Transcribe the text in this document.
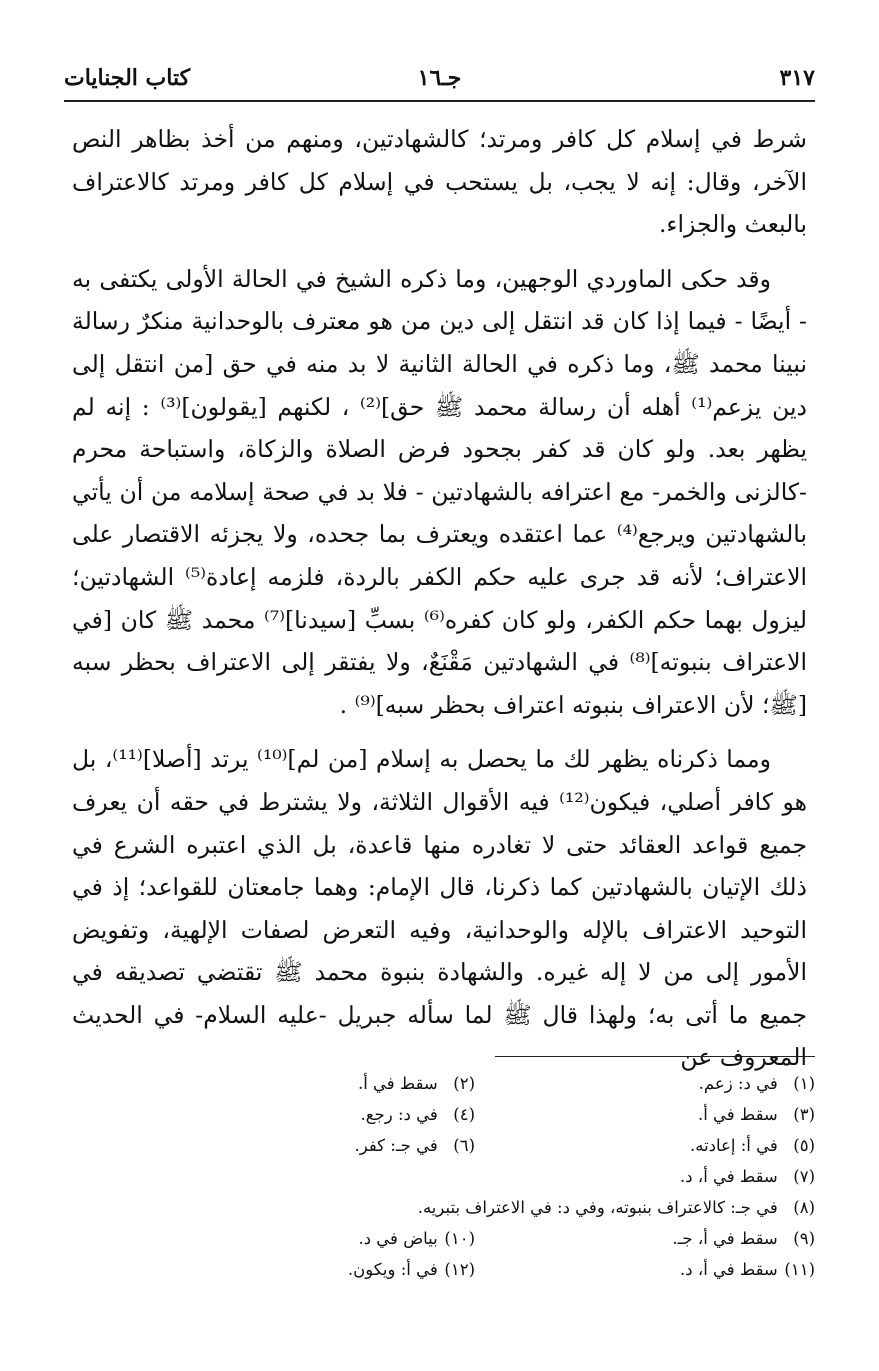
٣١٧
جـ١٦
كتاب الجنايات

شرط في إسلام كل كافر ومرتد؛ كالشهادتين، ومنهم من أخذ بظاهر النص الآخر، وقال: إنه لا يجب، بل يستحب في إسلام كل كافر ومرتد كالاعتراف بالبعث والجزاء.

وقد حكى الماوردي الوجهين، وما ذكره الشيخ في الحالة الأولى يكتفى به - أيضًا - فيما إذا كان قد انتقل إلى دين من هو معترف بالوحدانية منكرٌ رسالة نبينا محمد ﷺ، وما ذكره في الحالة الثانية لا بد منه في حق [من انتقل إلى دين يزعم⁽¹⁾ أهله أن رسالة محمد ﷺ حق]⁽²⁾ ، لكنهم [يقولون]⁽³⁾ : إنه لم يظهر بعد. ولو كان قد كفر بجحود فرض الصلاة والزكاة، واستباحة محرم -كالزنى والخمر- مع اعترافه بالشهادتين - فلا بد في صحة إسلامه من أن يأتي بالشهادتين ويرجع⁽⁴⁾ عما اعتقده ويعترف بما جحده، ولا يجزئه الاقتصار على الاعتراف؛ لأنه قد جرى عليه حكم الكفر بالردة، فلزمه إعادة⁽⁵⁾ الشهادتين؛ ليزول بهما حكم الكفر، ولو كان كفره⁽⁶⁾ بسبِّ [سيدنا]⁽⁷⁾ محمد ﷺ كان [في الاعتراف بنبوته]⁽⁸⁾ في الشهادتين مَقْنَعٌ، ولا يفتقر إلى الاعتراف بحظر سبه [ﷺ؛ لأن الاعتراف بنبوته اعتراف بحظر سبه]⁽⁹⁾ .

ومما ذكرناه يظهر لك ما يحصل به إسلام [من لم]⁽¹⁰⁾ يرتد [أصلا]⁽¹¹⁾، بل هو كافر أصلي، فيكون⁽¹²⁾ فيه الأقوال الثلاثة، ولا يشترط في حقه أن يعرف جميع قواعد العقائد حتى لا تغادره منها قاعدة، بل الذي اعتبره الشرع في ذلك الإتيان بالشهادتين كما ذكرنا، قال الإمام: وهما جامعتان للقواعد؛ إذ في التوحيد الاعتراف بالإله والوحدانية، وفيه التعرض لصفات الإلهية، وتفويض الأمور إلى من لا إله غيره. والشهادة بنبوة محمد ﷺ تقتضي تصديقه في جميع ما أتى به؛ ولهذا قال ﷺ لما سأله جبريل -عليه السلام- في الحديث المعروف عن

(١) في د: زعم.
(٢) سقط في أ.
(٣) سقط في أ.
(٤) في د: رجع.
(٥) في أ: إعادته.
(٦) في جـ: كفر.
(٧) سقط في أ، د.
(٨) في جـ: كالاعتراف بنبوته، وفي د: في الاعتراف بتبريه.
(٩) سقط في أ، جـ.
(١٠) بياض في د.
(١١) سقط في أ، د.
(١٢) في أ: ويكون.
